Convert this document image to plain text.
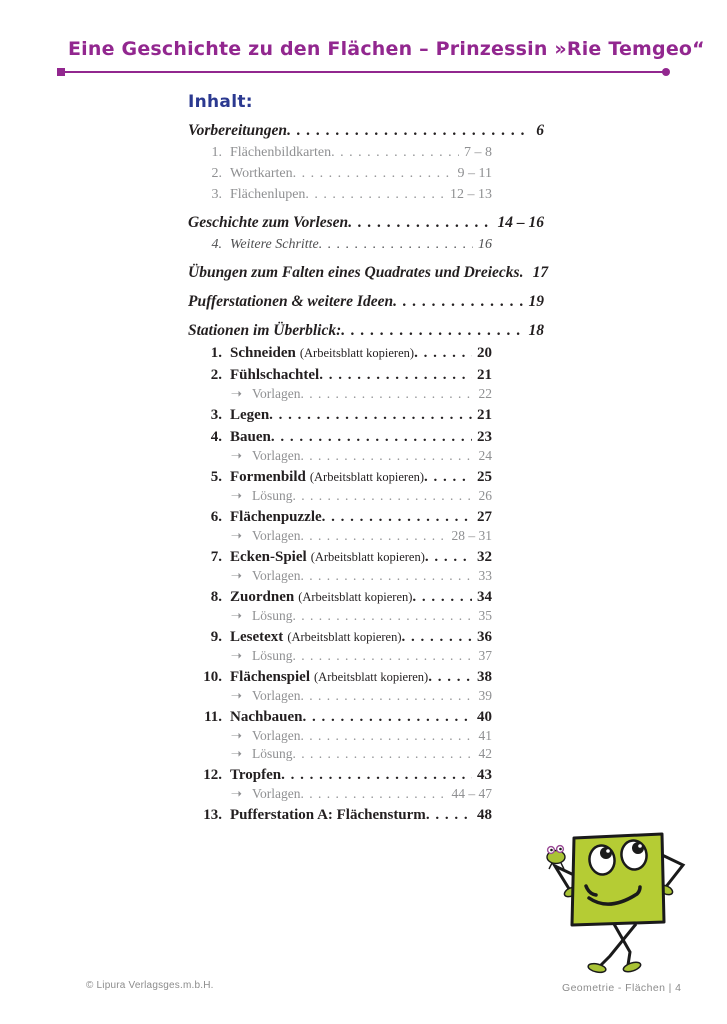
Eine Geschichte zu den Flächen – Prinzessin »Rie Temgeo“
Inhalt:
Vorbereitungen . . .	6
1. Flächenbildkarten . . .	7 – 8
2. Wortkarten . . .	9 – 11
3. Flächenlupen . . .	12 – 13
Geschichte zum Vorlesen . . .	14 – 16
4. Weitere Schritte . . .	16
Übungen zum Falten eines Quadrates und Dreiecks . . . 17
Pufferstationen & weitere Ideen . . .	19
Stationen im Überblick: . . .	18
1. Schneiden (Arbeitsblatt kopieren) . . .	20
2. Fühlschachtel . . .	21
➝ Vorlagen . . .	22
3. Legen . . .	21
4. Bauen . . .	23
➝ Vorlagen . . .	24
5. Formenbild (Arbeitsblatt kopieren) . . .	25
➝ Lösung . . .	26
6. Flächenpuzzle . . .	27
➝ Vorlagen . . .	28 – 31
7. Ecken-Spiel (Arbeitsblatt kopieren) . . .	32
➝ Vorlagen . . .	33
8. Zuordnen (Arbeitsblatt kopieren) . . .	34
➝ Lösung . . .	35
9. Lesetext (Arbeitsblatt kopieren) . . .	36
➝ Lösung . . .	37
10. Flächenspiel (Arbeitsblatt kopieren) . . .	38
➝ Vorlagen . . .	39
11. Nachbauen . . .	40
➝ Vorlagen . . .	41
➝ Lösung . . .	42
12. Tropfen . . .	43
➝ Vorlagen . . .	44 – 47
13. Pufferstation A: Flächensturm . . .	48
© Lipura Verlagsges.m.b.H.	Geometrie - Flächen | 4
